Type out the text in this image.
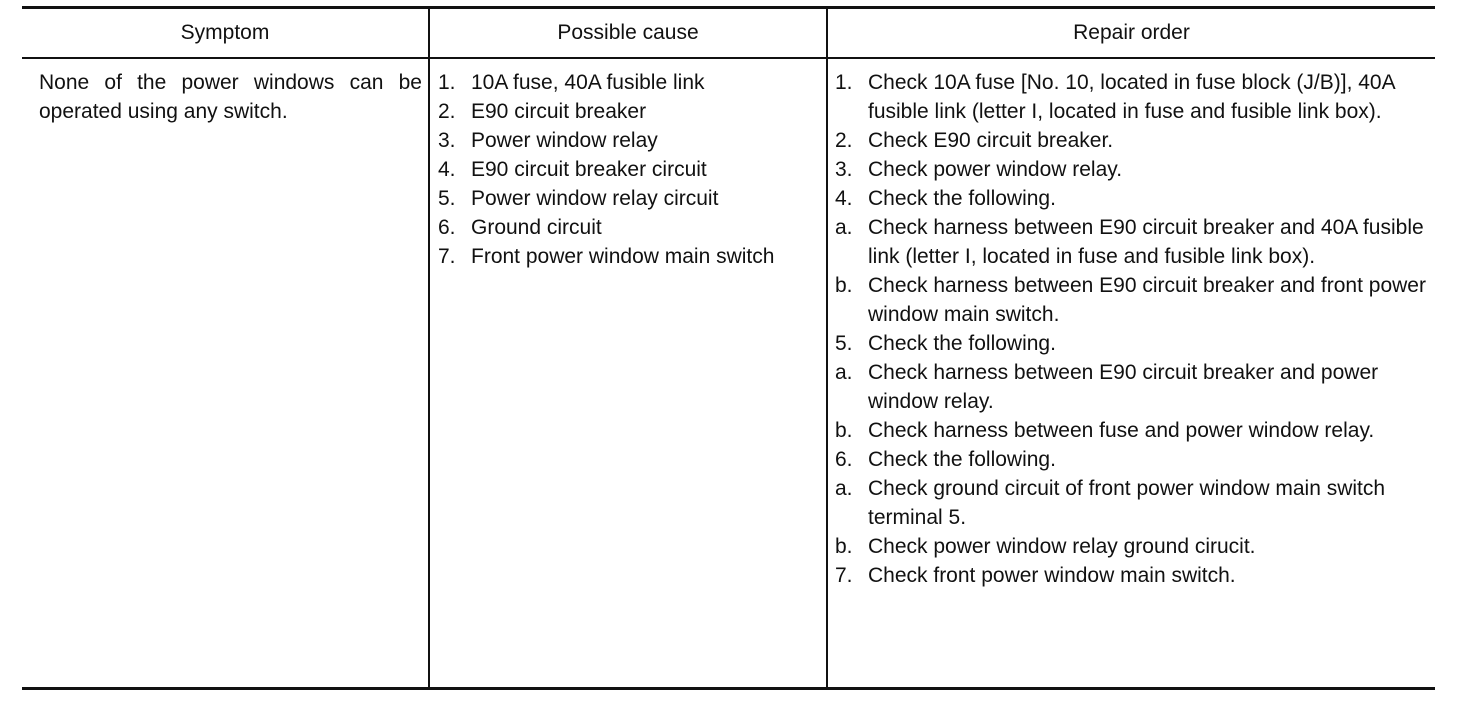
Symptom	Possible cause	Repair order

None of the power windows can be operated using any switch.

1. 10A fuse, 40A fusible link
2. E90 circuit breaker
3. Power window relay
4. E90 circuit breaker circuit
5. Power window relay circuit
6. Ground circuit
7. Front power window main switch
1. Check 10A fuse [No. 10, located in fuse block (J/B)], 40A fusible link (letter I, located in fuse and fusible link box).
2. Check E90 circuit breaker.
3. Check power window relay.
4. Check the following.
a. Check harness between E90 circuit breaker and 40A fusible link (letter I, located in fuse and fusible link box).
b. Check harness between E90 circuit breaker and front power window main switch.
5. Check the following.
a. Check harness between E90 circuit breaker and power window relay.
b. Check harness between fuse and power window relay.
6. Check the following.
a. Check ground circuit of front power window main switch terminal 5.
b. Check power window relay ground cirucit.
7. Check front power window main switch.
